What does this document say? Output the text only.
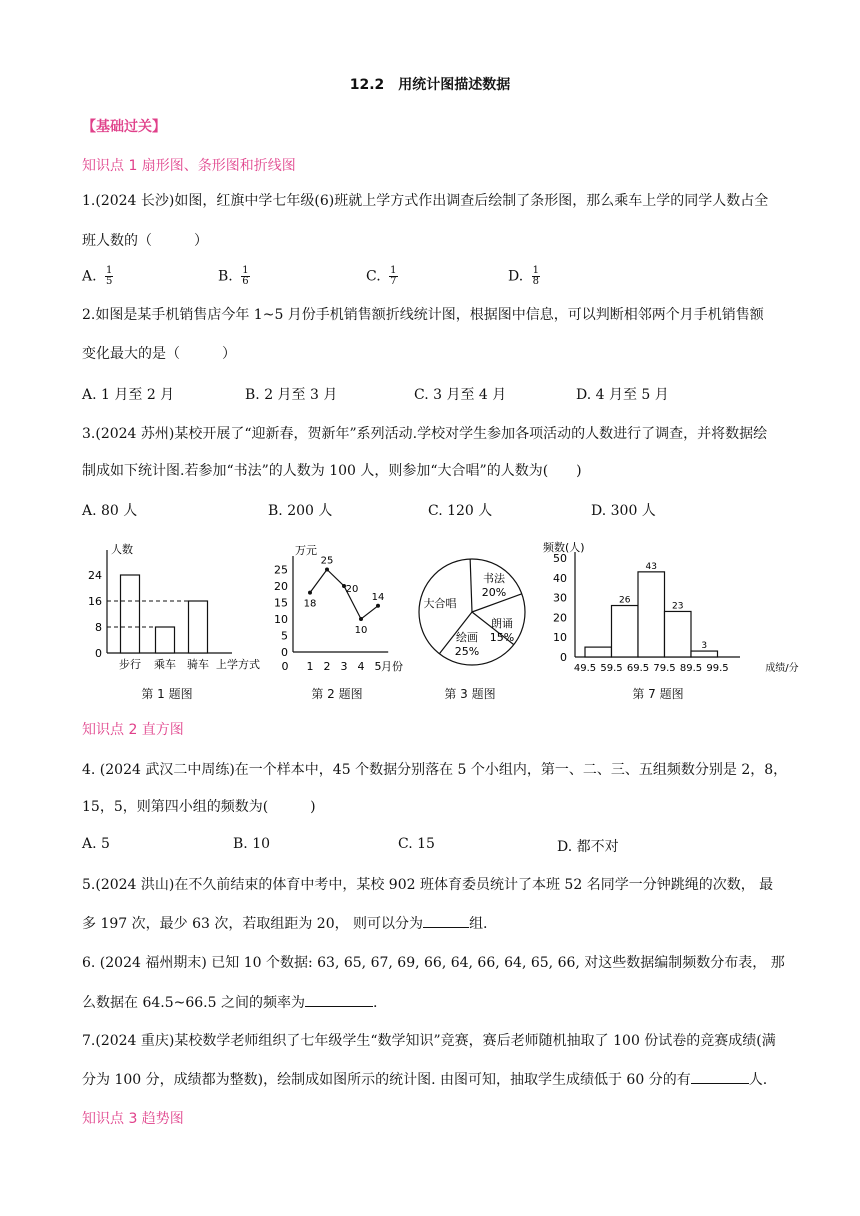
12.2　用统计图描述数据
【基础过关】
知识点 1 扇形图、条形图和折线图
1.(2024 长沙)如图，红旗中学七年级(6)班就上学方式作出调查后绘制了条形图，那么乘车上学的同学人数占全
班人数的（　　　）
A. $\frac{1}{5}$	B. $\frac{1}{6}$	C. $\frac{1}{7}$	D. $\frac{1}{8}$
2.如图是某手机销售店今年 1~5 月份手机销售额折线统计图，根据图中信息，可以判断相邻两个月手机销售额
变化最大的是（　　　）
A. 1 月至 2 月	B. 2 月至 3 月	C. 3 月至 4 月	D. 4 月至 5 月
3.(2024 苏州)某校开展了“迎新春，贺新年”系列活动.学校对学生参加各项活动的人数进行了调查，并将数据绘
制成如下统计图.若参加“书法”的人数为 100 人，则参加“大合唱”的人数为(　　)
A. 80 人	B. 200 人	C. 120 人	D. 300 人
人数
24
16
8
0
步行 乘车 骑车 上学方式
万元
25
20
15
10
5
0
0 1 2 3 4 5 月份
18
25
20
10
14	大合唱
书法
20%
朗诵
15%
绘画
25%
频数(人)
50
40
30
20
10
0
26
43
23
3
49.5 59.5 69.5 79.5 89.5 99.5	成绩/分
第 1 题图	第 2 题图	第 3 题图	第 7 题图
知识点 2 直方图
4. (2024 武汉二中周练)在一个样本中，45 个数据分别落在 5 个小组内，第一、二、三、五组频数分别是 2，8，
15，5，则第四小组的频数为(　　　)
A. 5	B. 10	C. 15	D. 都不对
5.(2024 洪山)在不久前结束的体育中考中，某校 902 班体育委员统计了本班 52 名同学一分钟跳绳的次数， 最
多 197 次，最少 63 次，若取组距为 20， 则可以分为	组.
6. (2024 福州期末) 已知 10 个数据: 63, 65, 67, 69, 66, 64, 66, 64, 65, 66, 对这些数据编制频数分布表， 那
么数据在 64.5~66.5 之间的频率为	.
7.(2024 重庆)某校数学老师组织了七年级学生“数学知识”竞赛，赛后老师随机抽取了 100 份试卷的竞赛成绩(满
分为 100 分，成绩都为整数)，绘制成如图所示的统计图. 由图可知，抽取学生成绩低于 60 分的有	人.
知识点 3 趋势图
